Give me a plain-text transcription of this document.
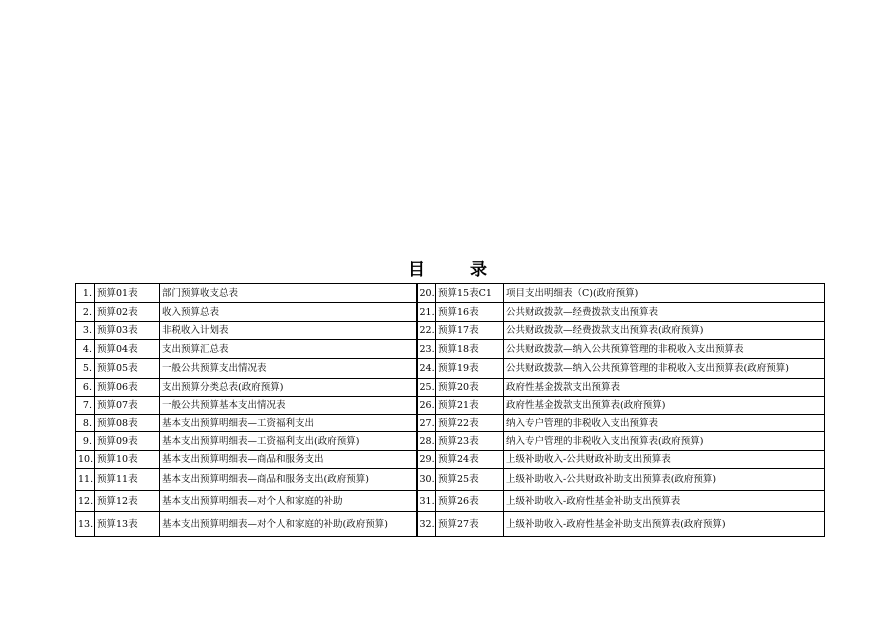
目　录
1.	预算01表	部门预算收支总表	20.	预算15表C1	项目支出明细表（C)(政府预算)
2.	预算02表	收入预算总表	21.	预算16表	公共财政拨款—经费拨款支出预算表
3.	预算03表	非税收入计划表	22.	预算17表	公共财政拨款—经费拨款支出预算表(政府预算)
4.	预算04表	支出预算汇总表	23.	预算18表	公共财政拨款—纳入公共预算管理的非税收入支出预算表
5.	预算05表	一般公共预算支出情况表	24.	预算19表	公共财政拨款—纳入公共预算管理的非税收入支出预算表(政府预算)
6.	预算06表	支出预算分类总表(政府预算)	25.	预算20表	政府性基金拨款支出预算表
7.	预算07表	一般公共预算基本支出情况表	26.	预算21表	政府性基金拨款支出预算表(政府预算)
8.	预算08表	基本支出预算明细表—工资福利支出	27.	预算22表	纳入专户管理的非税收入支出预算表
9.	预算09表	基本支出预算明细表—工资福利支出(政府预算)	28.	预算23表	纳入专户管理的非税收入支出预算表(政府预算)
10.	预算10表	基本支出预算明细表—商品和服务支出	29.	预算24表	上级补助收入-公共财政补助支出预算表
11.	预算11表	基本支出预算明细表—商品和服务支出(政府预算)	30.	预算25表	上级补助收入-公共财政补助支出预算表(政府预算)
12.	预算12表	基本支出预算明细表—对个人和家庭的补助	31.	预算26表	上级补助收入-政府性基金补助支出预算表
13.	预算13表	基本支出预算明细表—对个人和家庭的补助(政府预算)	32.	预算27表	上级补助收入-政府性基金补助支出预算表(政府预算)
